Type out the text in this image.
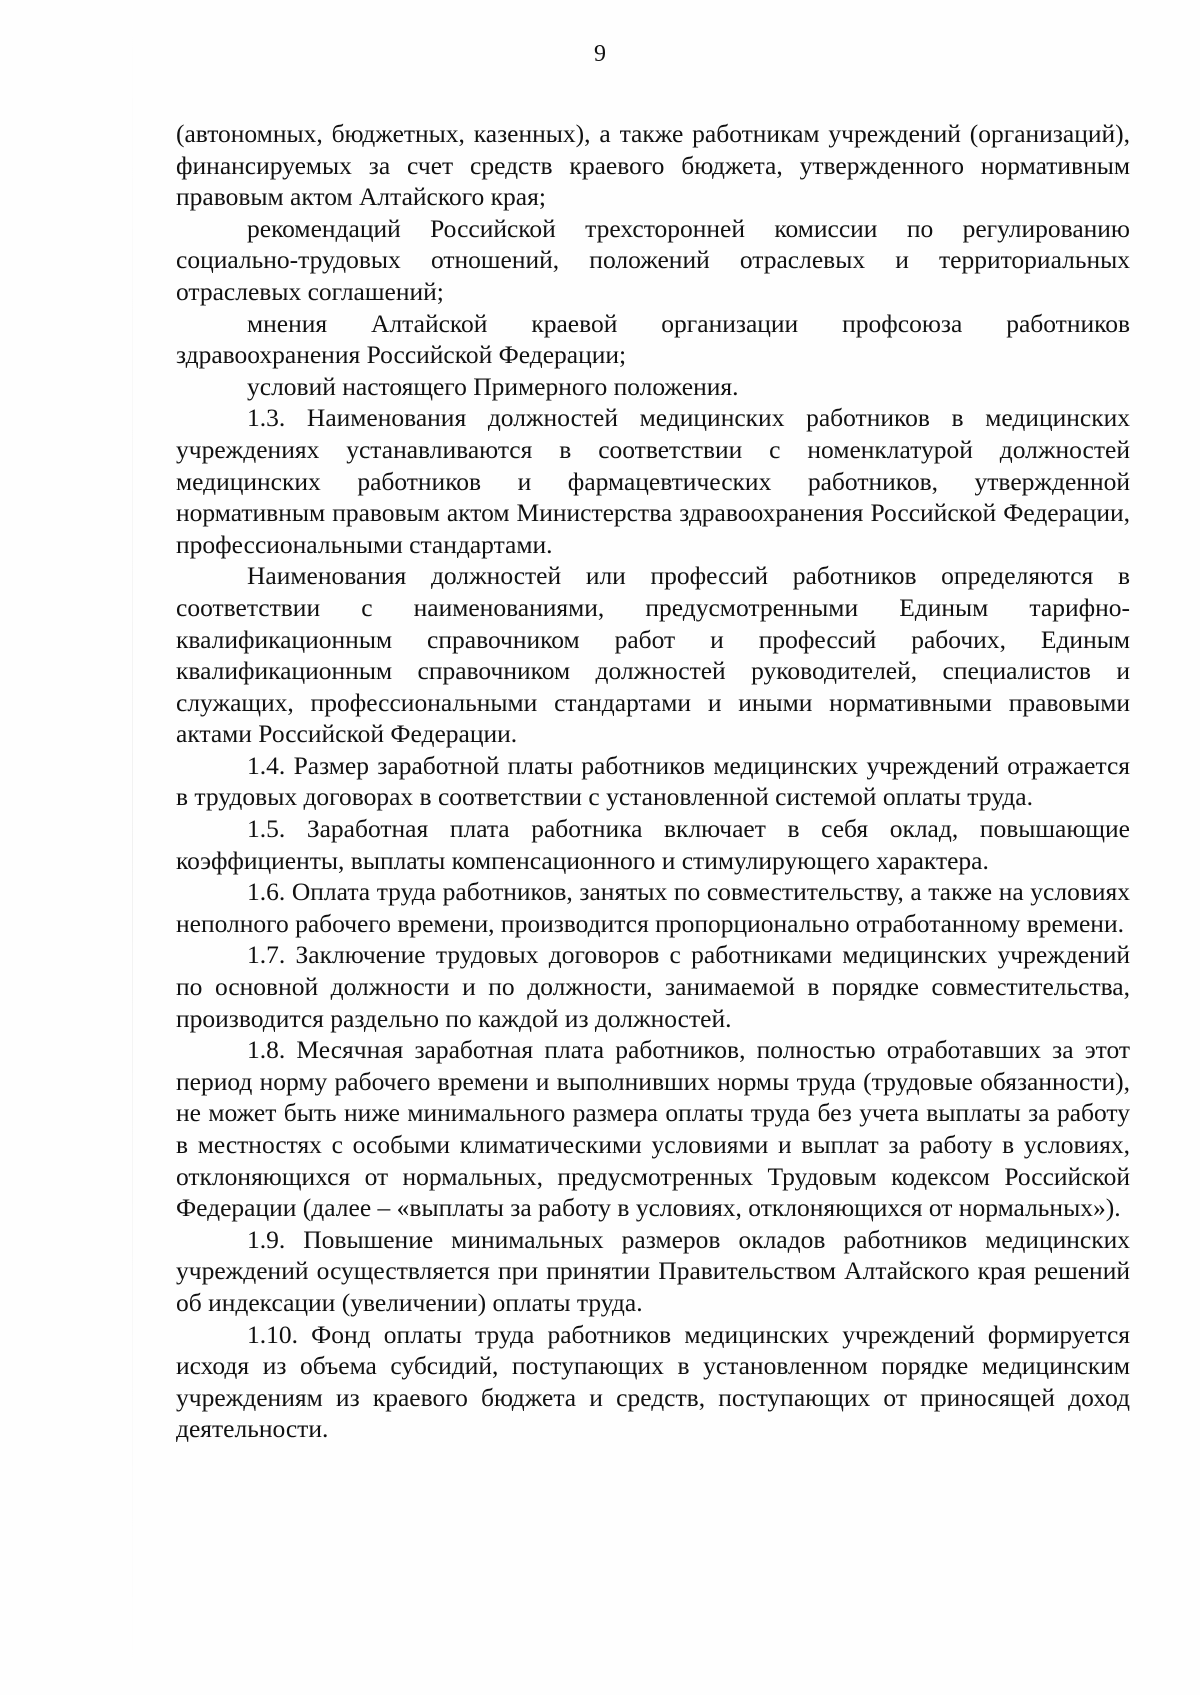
9

(автономных, бюджетных, казенных), а также работникам учреждений (организаций), финансируемых за счет средств краевого бюджета, утвержденного нормативным правовым актом Алтайского края;

рекомендаций Российской трехсторонней комиссии по регулированию социально-трудовых отношений, положений отраслевых и территориальных отраслевых соглашений;

мнения Алтайской краевой организации профсоюза работников здравоохранения Российской Федерации;

условий настоящего Примерного положения.

1.3. Наименования должностей медицинских работников в медицинских учреждениях устанавливаются в соответствии с номенклатурой должностей медицинских работников и фармацевтических работников, утвержденной нормативным правовым актом Министерства здравоохранения Российской Федерации, профессиональными стандартами.

Наименования должностей или профессий работников определяются в соответствии с наименованиями, предусмотренными Единым тарифно-квалификационным справочником работ и профессий рабочих, Единым квалификационным справочником должностей руководителей, специалистов и служащих, профессиональными стандартами и иными нормативными правовыми актами Российской Федерации.

1.4. Размер заработной платы работников медицинских учреждений отражается в трудовых договорах в соответствии с установленной системой оплаты труда.

1.5. Заработная плата работника включает в себя оклад, повышающие коэффициенты, выплаты компенсационного и стимулирующего характера.

1.6. Оплата труда работников, занятых по совместительству, а также на условиях неполного рабочего времени, производится пропорционально отработанному времени.

1.7. Заключение трудовых договоров с работниками медицинских учреждений по основной должности и по должности, занимаемой в порядке совместительства, производится раздельно по каждой из должностей.

1.8. Месячная заработная плата работников, полностью отработавших за этот период норму рабочего времени и выполнивших нормы труда (трудовые обязанности), не может быть ниже минимального размера оплаты труда без учета выплаты за работу в местностях с особыми климатическими условиями и выплат за работу в условиях, отклоняющихся от нормальных, предусмотренных Трудовым кодексом Российской Федерации (далее – «выплаты за работу в условиях, отклоняющихся от нормальных»).

1.9. Повышение минимальных размеров окладов работников медицинских учреждений осуществляется при принятии Правительством Алтайского края решений об индексации (увеличении) оплаты труда.

1.10. Фонд оплаты труда работников медицинских учреждений формируется исходя из объема субсидий, поступающих в установленном порядке медицинским учреждениям из краевого бюджета и средств, поступающих от приносящей доход деятельности.
